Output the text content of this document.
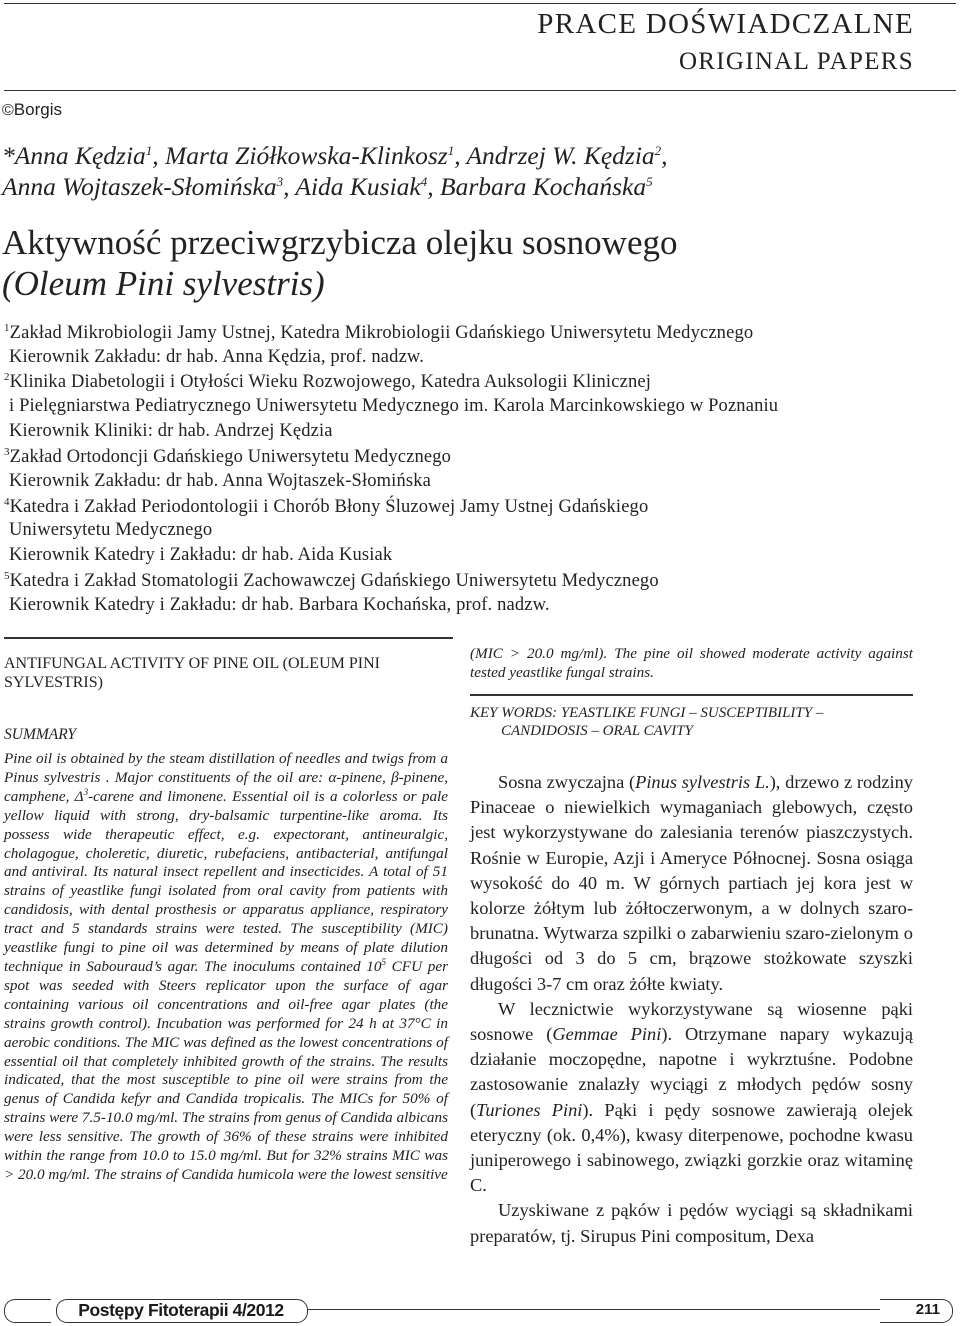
PRACE DOŚWIADCZALNE
ORIGINAL PAPERS
©Borgis
*Anna Kędzia$^1$, Marta Ziółkowska-Klinkosz$^1$, Andrzej W. Kędzia$^2$,
Anna Wojtaszek-Słomińska$^3$, Aida Kusiak$^4$, Barbara Kochańska$^5$
Aktywność przeciwgrzybicza olejku sosnowego
(Oleum Pini sylvestris)
$^1$Zakład Mikrobiologii Jamy Ustnej, Katedra Mikrobiologii Gdańskiego Uniwersytetu Medycznego
Kierownik Zakładu: dr hab. Anna Kędzia, prof. nadzw.
$^2$Klinika Diabetologii i Otyłości Wieku Rozwojowego, Katedra Auksologii Klinicznej
i Pielęgniarstwa Pediatrycznego Uniwersytetu Medycznego im. Karola Marcinkowskiego w Poznaniu
Kierownik Kliniki: dr hab. Andrzej Kędzia
$^3$Zakład Ortodoncji Gdańskiego Uniwersytetu Medycznego
Kierownik Zakładu: dr hab. Anna Wojtaszek-Słomińska
$^4$Katedra i Zakład Periodontologii i Chorób Błony Śluzowej Jamy Ustnej Gdańskiego
Uniwersytetu Medycznego
Kierownik Katedry i Zakładu: dr hab. Aida Kusiak
$^5$Katedra i Zakład Stomatologii Zachowawczej Gdańskiego Uniwersytetu Medycznego
Kierownik Katedry i Zakładu: dr hab. Barbara Kochańska, prof. nadzw.
ANTIFUNGAL ACTIVITY OF PINE OIL (OLEUM PINI SYLVESTRIS)
SUMMARY
Pine oil is obtained by the steam distillation of needles and twigs from a Pinus sylvestris . Major constituents of the oil are: α-pinene, β-pinene, camphene, $\Delta^3$-carene and limonene. Essential oil is a colorless or pale yellow liquid with strong, dry-balsamic turpentine-like aroma. Its possess wide therapeutic effect, e.g. expectorant, antineuralgic, cholagogue, choleretic, diuretic, rubefaciens, antibacterial, antifungal and antiviral. Its natural insect repellent and insecticides. A total of 51 strains of yeastlike fungi isolated from oral cavity from patients with candidosis, with dental prosthesis or apparatus appliance, respiratory tract and 5 standards strains were tested. The susceptibility (MIC) yeastlike fungi to pine oil was determined by means of plate dilution technique in Sabouraud’s agar. The inoculums contained $10^5$ CFU per spot was seeded with Steers replicator upon the surface of agar containing various oil concentrations and oil-free agar plates (the strains growth control). Incubation was performed for 24 h at 37°C in aerobic conditions. The MIC was defined as the lowest concentrations of essential oil that completely inhibited growth of the strains. The results indicated, that the most susceptible to pine oil were strains from the genus of Candida kefyr and Candida tropicalis. The MICs for 50% of strains were 7.5-10.0 mg/ml. The strains from genus of Candida albicans were less sensitive. The growth of 36% of these strains were inhibited within the range from 10.0 to 15.0 mg/ml. But for 32% strains MIC was > 20.0 mg/ml. The strains of Candida humicola were the lowest sensitive
(MIC > 20.0 mg/ml). The pine oil showed moderate activity against tested yeastlike fungal strains.
KEY WORDS: YEASTLIKE FUNGI – SUSCEPTIBILITY –
CANDIDOSIS – ORAL CAVITY

Sosna zwyczajna (Pinus sylvestris L.), drzewo z rodziny Pinaceae o niewielkich wymaganiach glebowych, często jest wykorzystywane do zalesiania terenów piaszczystych. Rośnie w Europie, Azji i Ameryce Północnej. Sosna osiąga wysokość do 40 m. W górnych partiach jej kora jest w kolorze żółtym lub żółtoczerwonym, a w dolnych szaro-brunatna. Wytwarza szpilki o zabarwieniu szaro-zielonym o długości od 3 do 5 cm, brązowe stożkowate szyszki długości 3-7 cm oraz żółte kwiaty.

W lecznictwie wykorzystywane są wiosenne pąki sosnowe (Gemmae Pini). Otrzymane napary wykazują działanie moczopędne, napotne i wykrztuśne. Podobne zastosowanie znalazły wyciągi z młodych pędów sosny (Turiones Pini). Pąki i pędy sosnowe zawierają olejek eteryczny (ok. 0,4%), kwasy diterpenowe, pochodne kwasu juniperowego i sabinowego, związki gorzkie oraz witaminę C.

Uzyskiwane z pąków i pędów wyciągi są składnikami preparatów, tj. Sirupus Pini compositum, Dexa

Postępy Fitoterapii 4/2012	211
